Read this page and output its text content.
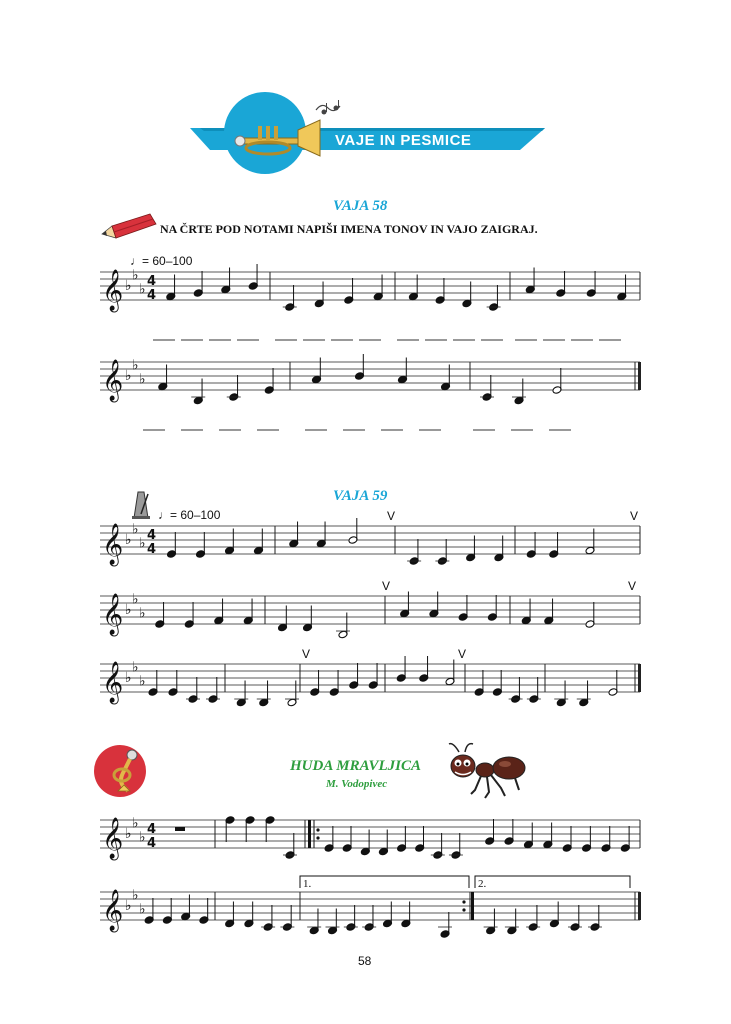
VAJE IN PESMICE
VAJA 58
NA ČRTE POD NOTAMI NAPIŠI IMENA TONOV IN VAJO ZAIGRAJ.
♩= 60–100
𝄞 ♭
♭
♭ 4
4
𝄞 ♭
♭
♭
VAJA 59
♩= 60–100	V	V
𝄞 ♭
♭
♭ 4
4
V	V
𝄞 ♭
♭
♭
V	V
𝄞 ♭
♭
♭
HUDA MRAVLJICA
M. Vodopivec
𝄞 ♭
♭
♭ 4
4
1.	2.
𝄞 ♭
♭
♭
58
